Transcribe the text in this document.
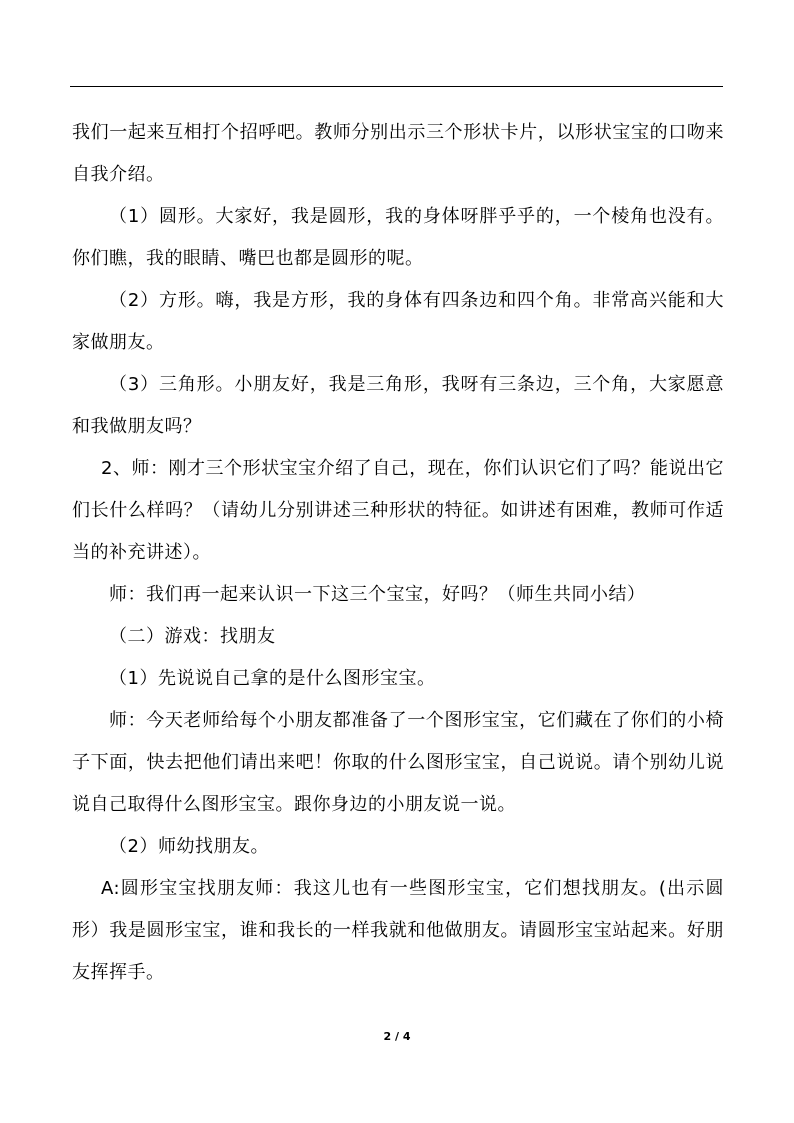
我们一起来互相打个招呼吧。教师分别出示三个形状卡片，以形状宝宝的口吻来自我介绍。

（1）圆形。大家好，我是圆形，我的身体呀胖乎乎的，一个棱角也没有。你们瞧，我的眼睛、嘴巴也都是圆形的呢。

（2）方形。嗨，我是方形，我的身体有四条边和四个角。非常高兴能和大家做朋友。

（3）三角形。小朋友好，我是三角形，我呀有三条边，三个角，大家愿意和我做朋友吗？

2、师：刚才三个形状宝宝介绍了自己，现在，你们认识它们了吗？能说出它们长什么样吗？（请幼儿分别讲述三种形状的特征。如讲述有困难，教师可作适当的补充讲述）。

师：我们再一起来认识一下这三个宝宝，好吗？（师生共同小结）

（二）游戏：找朋友

（1）先说说自己拿的是什么图形宝宝。

师：今天老师给每个小朋友都准备了一个图形宝宝，它们藏在了你们的小椅子下面，快去把他们请出来吧！你取的什么图形宝宝，自己说说。请个别幼儿说说自己取得什么图形宝宝。跟你身边的小朋友说一说。

（2）师幼找朋友。

A:圆形宝宝找朋友师：我这儿也有一些图形宝宝，它们想找朋友。(出示圆形）我是圆形宝宝，谁和我长的一样我就和他做朋友。请圆形宝宝站起来。好朋友挥挥手。

2 / 4
